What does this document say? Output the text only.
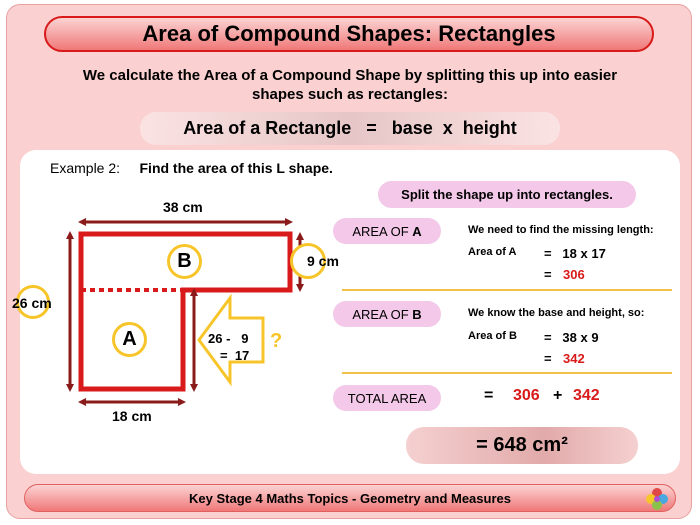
Area of Compound Shapes: Rectangles
We calculate the Area of a Compound Shape by splitting this up into easier
shapes such as rectangles:
Area of a Rectangle   =   base  x  height
Example 2: Find the area of this L shape.
38 cm
26 cm
9 cm
18 cm
B
A	26 -   9
=  17
?
Split the shape up into rectangles.
AREA OF
A	We need to find the missing length:
Area of A =   18 x 17
= 306
AREA OF
B	We know the base and height, so:
Area of B =   38 x 9
= 342
TOTAL AREA	= 306 + 342
= 648 cm²
Key Stage 4 Maths Topics - Geometry and Measures
